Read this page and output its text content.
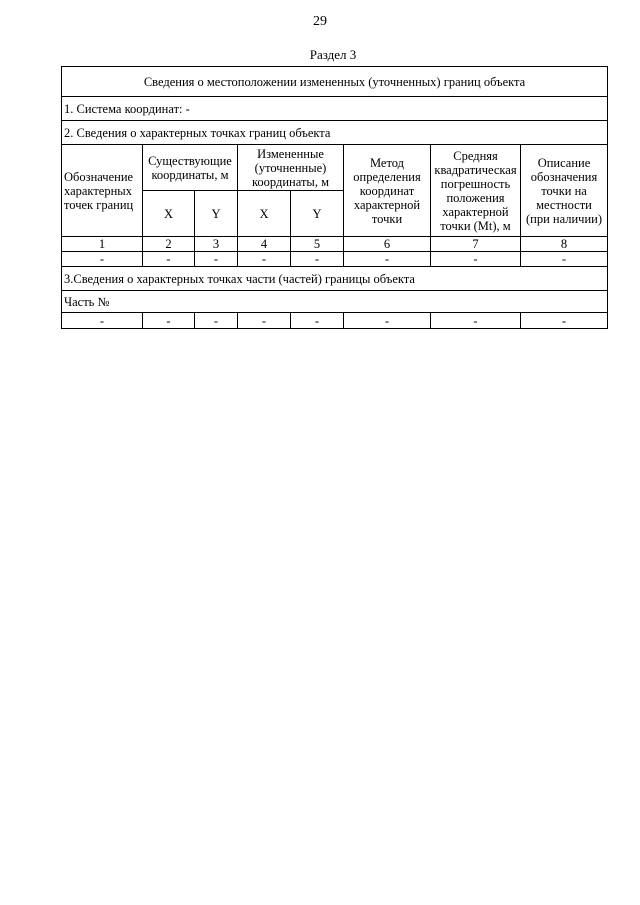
29
Раздел 3
Сведения о местоположении измененных (уточненных) границ объекта							
1. Система координат: -							
2. Сведения о характерных точках границ объекта							
Обозначение характерных точек границ	Существующие координаты, м		Измененные (уточненные) координаты, м		Метод определения координат характерной точки	Средняя квадратическая погрешность положения характерной точки (Mt), м	Описание обозначения точки на местности (при наличии)
	X	Y	X	Y			
1	2	3	4	5	6	7	8
-	-	-	-	-	-	-	-
3.Сведения о характерных точках части (частей) границы объекта							
Часть №							
-	-	-	-	-	-	-	-
